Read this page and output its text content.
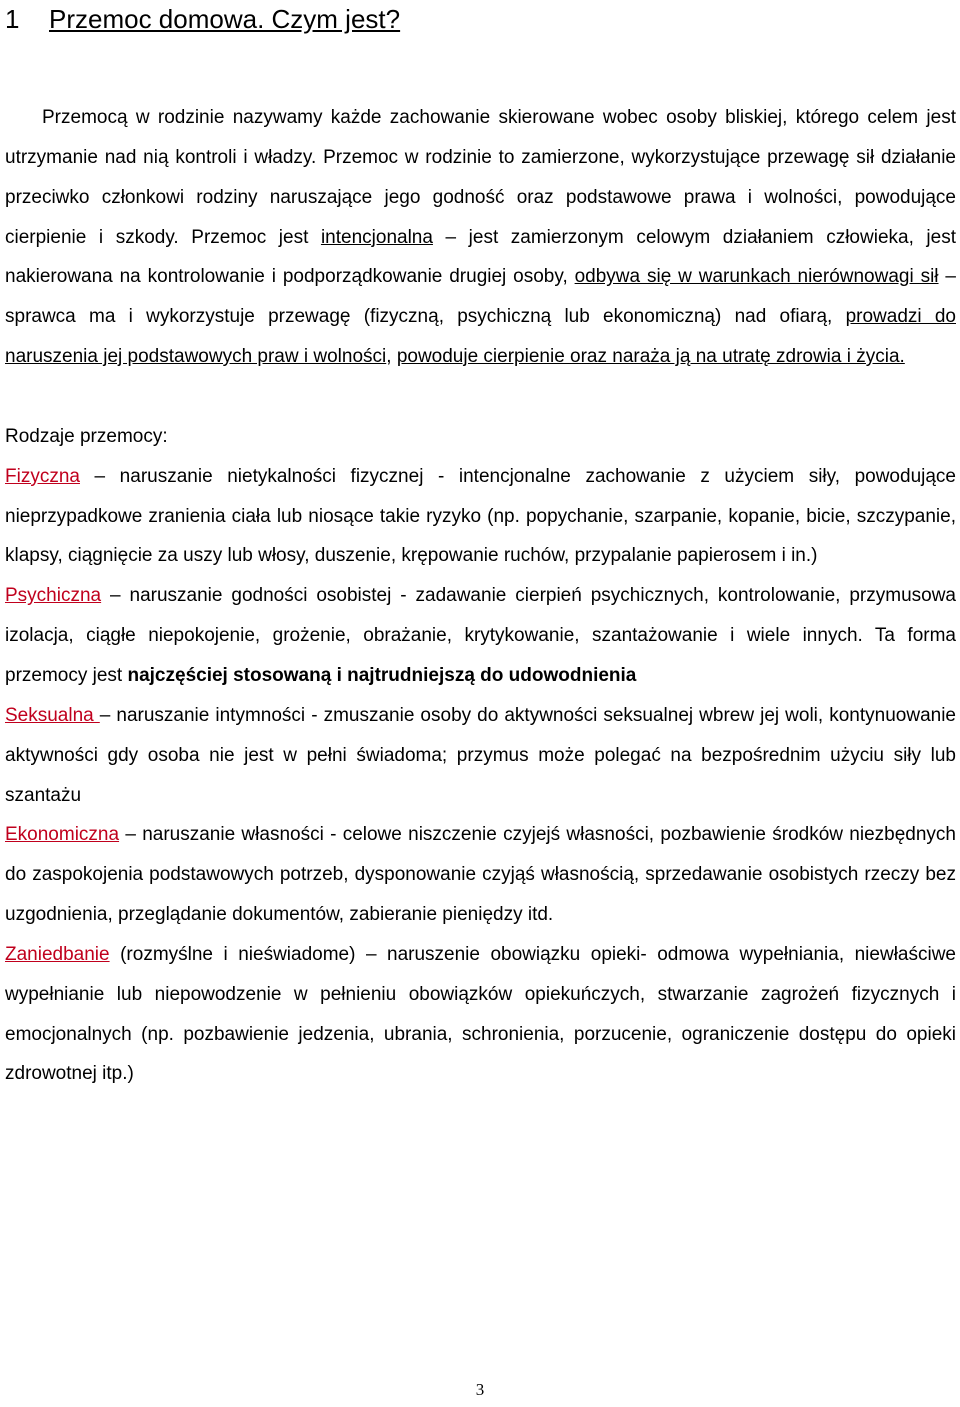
1 Przemoc domowa. Czym jest?

Przemocą w rodzinie nazywamy każde zachowanie skierowane wobec osoby bliskiej, którego celem jest utrzymanie nad nią kontroli i władzy. Przemoc w rodzinie to zamierzone, wykorzystujące przewagę sił działanie przeciwko członkowi rodziny naruszające jego godność oraz podstawowe prawa i wolności, powodujące cierpienie i szkody. Przemoc jest intencjonalna – jest zamierzonym celowym działaniem człowieka, jest nakierowana na kontrolowanie i podporządkowanie drugiej osoby, odbywa się w warunkach nierównowagi sił – sprawca ma i wykorzystuje przewagę (fizyczną, psychiczną lub ekonomiczną) nad ofiarą, prowadzi do naruszenia jej podstawowych praw i wolności, powoduje cierpienie oraz naraża ją na utratę zdrowia i życia.

Rodzaje przemocy:

Fizyczna – naruszanie nietykalności fizycznej - intencjonalne zachowanie z użyciem siły, powodujące nieprzypadkowe zranienia ciała lub niosące takie ryzyko (np. popychanie, szarpanie, kopanie, bicie, szczypanie, klapsy, ciągnięcie za uszy lub włosy, duszenie, krępowanie ruchów, przypalanie papierosem i in.)

Psychiczna – naruszanie godności osobistej - zadawanie cierpień psychicznych, kontrolowanie, przymusowa izolacja, ciągłe niepokojenie, grożenie, obrażanie, krytykowanie, szantażowanie i wiele innych. Ta forma przemocy jest najczęściej stosowaną i najtrudniejszą do udowodnienia

Seksualna – naruszanie intymności - zmuszanie osoby do aktywności seksualnej wbrew jej woli, kontynuowanie aktywności gdy osoba nie jest w pełni świadoma; przymus może polegać na bezpośrednim użyciu siły lub szantażu

Ekonomiczna – naruszanie własności - celowe niszczenie czyjejś własności, pozbawienie środków niezbędnych do zaspokojenia podstawowych potrzeb, dysponowanie czyjąś własnością, sprzedawanie osobistych rzeczy bez uzgodnienia, przeglądanie dokumentów, zabieranie pieniędzy itd.

Zaniedbanie (rozmyślne i nieświadome) – naruszenie obowiązku opieki- odmowa wypełniania, niewłaściwe wypełnianie lub niepowodzenie w pełnieniu obowiązków opiekuńczych, stwarzanie zagrożeń fizycznych i emocjonalnych (np. pozbawienie jedzenia, ubrania, schronienia, porzucenie, ograniczenie dostępu do opieki zdrowotnej itp.)

3
